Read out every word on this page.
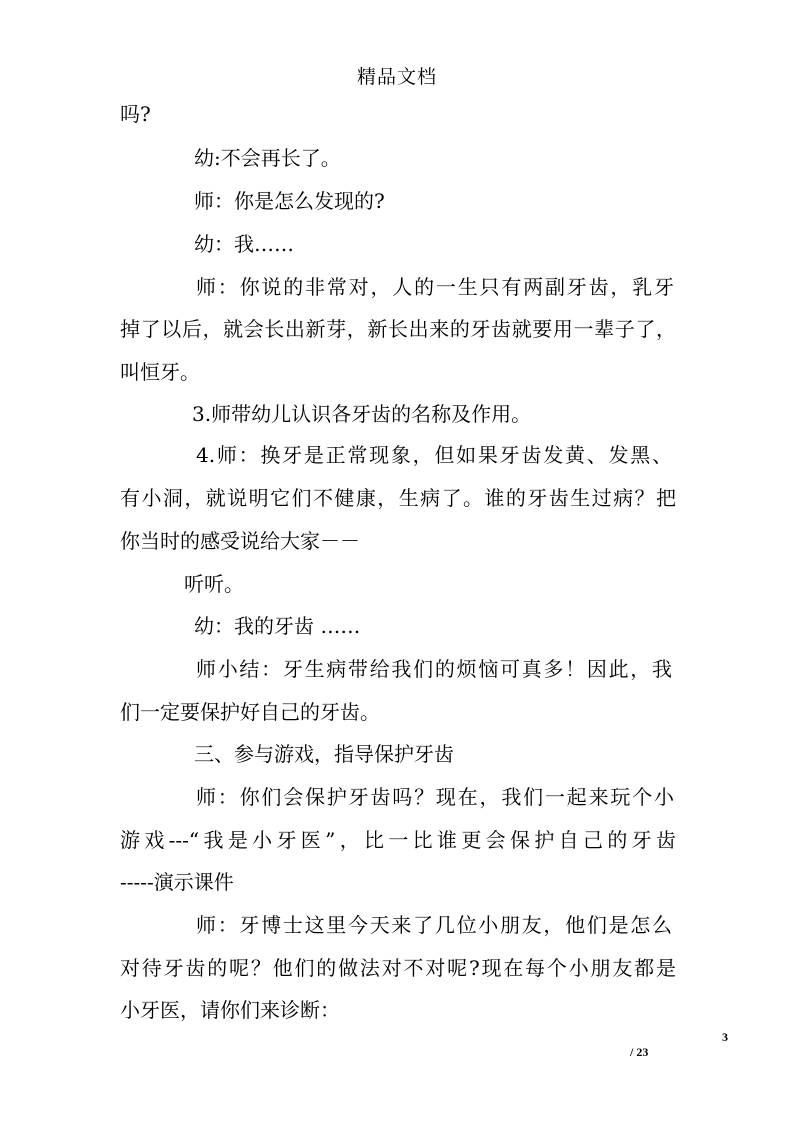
精品文档
吗?
幼:不会再长了。
师：你是怎么发现的?
幼：我……
师：你说的非常对，人的一生只有两副牙齿，乳牙
掉了以后，就会长出新芽，新长出来的牙齿就要用一辈子了，
叫恒牙。
3.师带幼儿认识各牙齿的名称及作用。
4.师：换牙是正常现象，但如果牙齿发黄、发黑、
有小洞，就说明它们不健康，生病了。谁的牙齿生过病？把
你当时的感受说给大家－－
听听。
幼：我的牙齿 ……
师小结：牙生病带给我们的烦恼可真多！因此，我
们一定要保护好自己的牙齿。
三、参与游戏，指导保护牙齿
师：你们会保护牙齿吗？现在，我们一起来玩个小
游戏---“我是小牙医”，比一比谁更会保护自己的牙齿
-----演示课件
师：牙博士这里今天来了几位小朋友，他们是怎么
对待牙齿的呢？他们的做法对不对呢?现在每个小朋友都是
小牙医，请你们来诊断：
3
/ 23
